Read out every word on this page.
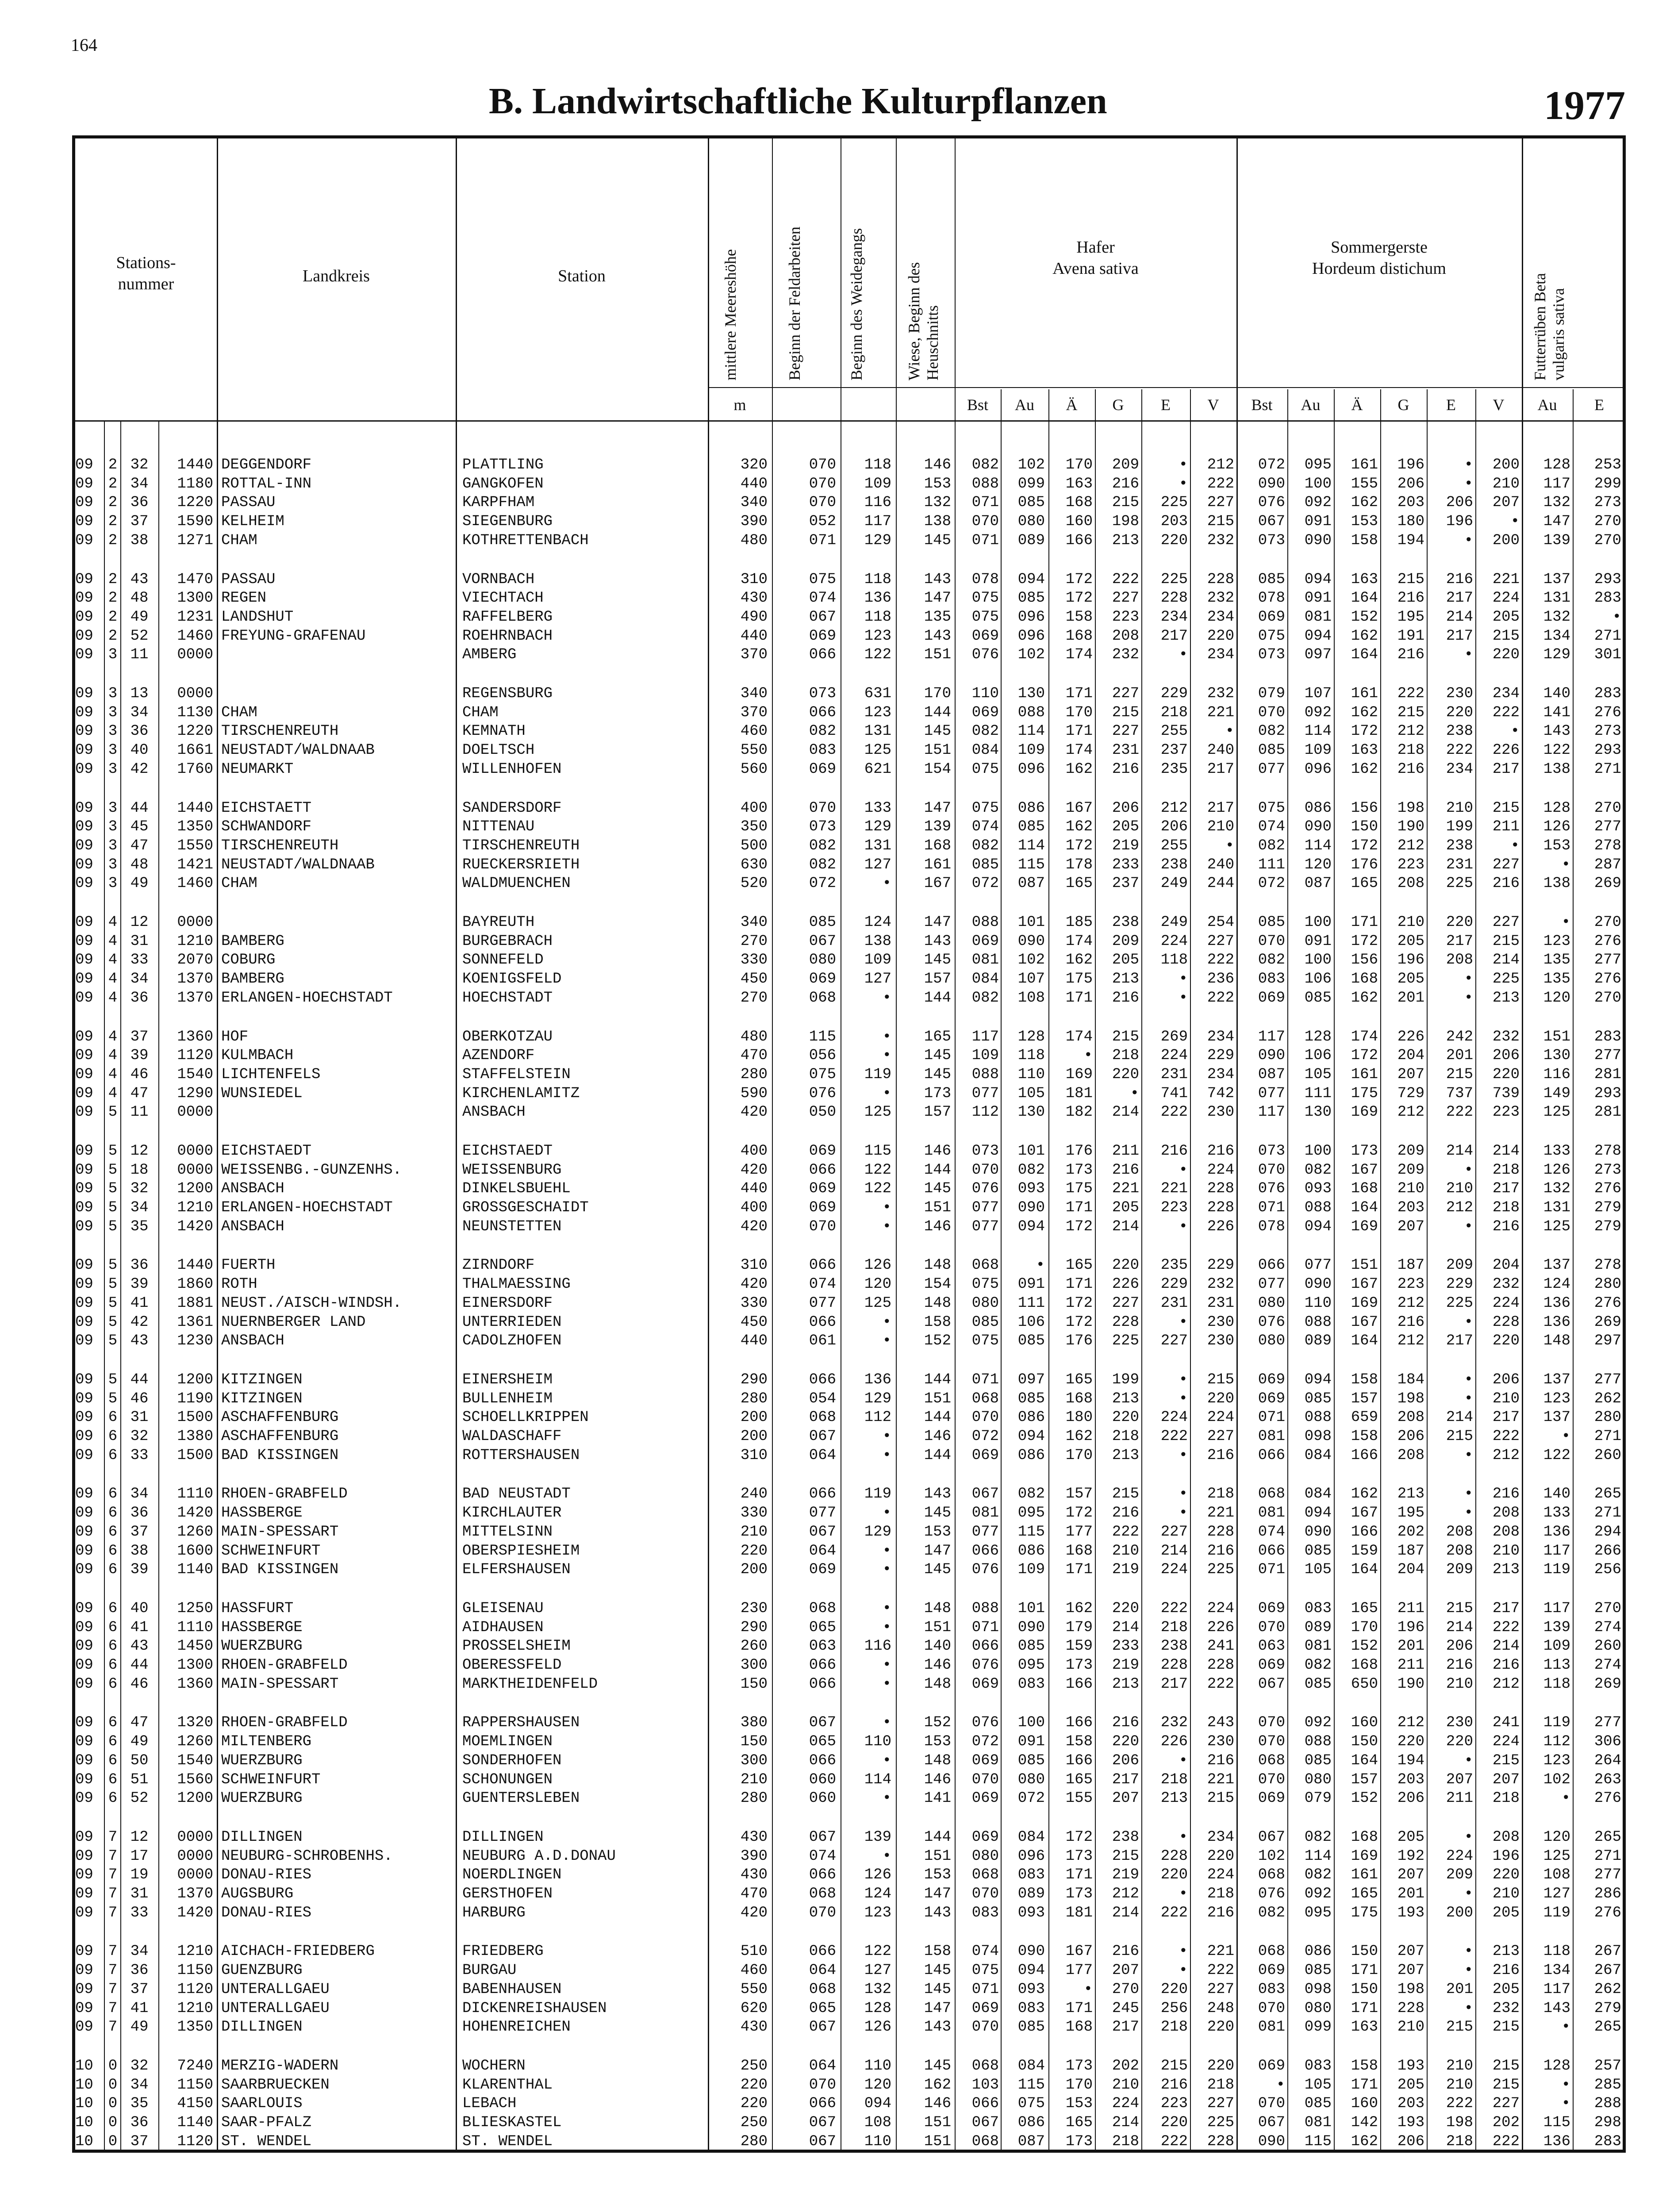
164
B. Landwirtschaftliche Kulturpflanzen	1977
Stations-
nummer	Landkreis	Station	mittlere Meereshöhe
m
Beginn der Feldarbeiten	Beginn des Weidegangs	Wiese, Beginn des Heuschnitts
Hafer
Avena sativa
Sommergerste
Hordeum distichum
Futterrüben Beta vulgaris sativa
Bst	Au	Ä	G	E	V	Bst	Au	Ä	G	E	V	Au	E
09 2 32	1440 DEGGENDORF	PLATTLING	320	070	118	146	082	102	170	209	•	212	072	095	161	196	•	200	128	253
09 2 34	1180 ROTTAL-INN	GANGKOFEN	440	070	109	153	088	099	163	216	•	222	090	100	155	206	•	210	117	299
09 2 36	1220 PASSAU	KARPFHAM	340	070	116	132	071	085	168	215	225	227	076	092	162	203	206	207	132	273
09 2 37	1590 KELHEIM	SIEGENBURG	390	052	117	138	070	080	160	198	203	215	067	091	153	180	196	•	147	270
09 2 38	1271 CHAM	KOTHRETTENBACH	480	071	129	145	071	089	166	213	220	232	073	090	158	194	•	200	139	270
09 2 43	1470 PASSAU	VORNBACH	310	075	118	143	078	094	172	222	225	228	085	094	163	215	216	221	137	293
09 2 48	1300 REGEN	VIECHTACH	430	074	136	147	075	085	172	227	228	232	078	091	164	216	217	224	131	283
09 2 49	1231 LANDSHUT	RAFFELBERG	490	067	118	135	075	096	158	223	234	234	069	081	152	195	214	205	132	•
09 2 52	1460 FREYUNG-GRAFENAU	ROEHRNBACH	440	069	123	143	069	096	168	208	217	220	075	094	162	191	217	215	134	271
09 3 11	0000	AMBERG	370	066	122	151	076	102	174	232	•	234	073	097	164	216	•	220	129	301
09 3 13	0000	REGENSBURG	340	073	631	170	110	130	171	227	229	232	079	107	161	222	230	234	140	283
09 3 34	1130 CHAM	CHAM	370	066	123	144	069	088	170	215	218	221	070	092	162	215	220	222	141	276
09 3 36	1220 TIRSCHENREUTH	KEMNATH	460	082	131	145	082	114	171	227	255	•	082	114	172	212	238	•	143	273
09 3 40	1661 NEUSTADT/WALDNAAB	DOELTSCH	550	083	125	151	084	109	174	231	237	240	085	109	163	218	222	226	122	293
09 3 42	1760 NEUMARKT	WILLENHOFEN	560	069	621	154	075	096	162	216	235	217	077	096	162	216	234	217	138	271
09 3 44	1440 EICHSTAETT	SANDERSDORF	400	070	133	147	075	086	167	206	212	217	075	086	156	198	210	215	128	270
09 3 45	1350 SCHWANDORF	NITTENAU	350	073	129	139	074	085	162	205	206	210	074	090	150	190	199	211	126	277
09 3 47	1550 TIRSCHENREUTH	TIRSCHENREUTH	500	082	131	168	082	114	172	219	255	•	082	114	172	212	238	•	153	278
09 3 48	1421 NEUSTADT/WALDNAAB	RUECKERSRIETH	630	082	127	161	085	115	178	233	238	240	111	120	176	223	231	227	•	287
09 3 49	1460 CHAM	WALDMUENCHEN	520	072	•	167	072	087	165	237	249	244	072	087	165	208	225	216	138	269
09 4 12	0000	BAYREUTH	340	085	124	147	088	101	185	238	249	254	085	100	171	210	220	227	•	270
09 4 31	1210 BAMBERG	BURGEBRACH	270	067	138	143	069	090	174	209	224	227	070	091	172	205	217	215	123	276
09 4 33	2070 COBURG	SONNEFELD	330	080	109	145	081	102	162	205	118	222	082	100	156	196	208	214	135	277
09 4 34	1370 BAMBERG	KOENIGSFELD	450	069	127	157	084	107	175	213	•	236	083	106	168	205	•	225	135	276
09 4 36	1370 ERLANGEN-HOECHSTADT	HOECHSTADT	270	068	•	144	082	108	171	216	•	222	069	085	162	201	•	213	120	270
09 4 37	1360 HOF	OBERKOTZAU	480	115	•	165	117	128	174	215	269	234	117	128	174	226	242	232	151	283
09 4 39	1120 KULMBACH	AZENDORF	470	056	•	145	109	118	•	218	224	229	090	106	172	204	201	206	130	277
09 4 46	1540 LICHTENFELS	STAFFELSTEIN	280	075	119	145	088	110	169	220	231	234	087	105	161	207	215	220	116	281
09 4 47	1290 WUNSIEDEL	KIRCHENLAMITZ	590	076	•	173	077	105	181	•	741	742	077	111	175	729	737	739	149	293
09 5 11	0000	ANSBACH	420	050	125	157	112	130	182	214	222	230	117	130	169	212	222	223	125	281
09 5 12	0000 EICHSTAEDT	EICHSTAEDT	400	069	115	146	073	101	176	211	216	216	073	100	173	209	214	214	133	278
09 5 18	0000 WEISSENBG.-GUNZENHS.	WEISSENBURG	420	066	122	144	070	082	173	216	•	224	070	082	167	209	•	218	126	273
09 5 32	1200 ANSBACH	DINKELSBUEHL	440	069	122	145	076	093	175	221	221	228	076	093	168	210	210	217	132	276
09 5 34	1210 ERLANGEN-HOECHSTADT	GROSSGESCHAIDT	400	069	•	151	077	090	171	205	223	228	071	088	164	203	212	218	131	279
09 5 35	1420 ANSBACH	NEUNSTETTEN	420	070	•	146	077	094	172	214	•	226	078	094	169	207	•	216	125	279
09 5 36	1440 FUERTH	ZIRNDORF	310	066	126	148	068	•	165	220	235	229	066	077	151	187	209	204	137	278
09 5 39	1860 ROTH	THALMAESSING	420	074	120	154	075	091	171	226	229	232	077	090	167	223	229	232	124	280
09 5 41	1881 NEUST./AISCH-WINDSH.	EINERSDORF	330	077	125	148	080	111	172	227	231	231	080	110	169	212	225	224	136	276
09 5 42	1361 NUERNBERGER LAND	UNTERRIEDEN	450	066	•	158	085	106	172	228	•	230	076	088	167	216	•	228	136	269
09 5 43	1230 ANSBACH	CADOLZHOFEN	440	061	•	152	075	085	176	225	227	230	080	089	164	212	217	220	148	297
09 5 44	1200 KITZINGEN	EINERSHEIM	290	066	136	144	071	097	165	199	•	215	069	094	158	184	•	206	137	277
09 5 46	1190 KITZINGEN	BULLENHEIM	280	054	129	151	068	085	168	213	•	220	069	085	157	198	•	210	123	262
09 6 31	1500 ASCHAFFENBURG	SCHOELLKRIPPEN	200	068	112	144	070	086	180	220	224	224	071	088	659	208	214	217	137	280
09 6 32	1380 ASCHAFFENBURG	WALDASCHAFF	200	067	•	146	072	094	162	218	222	227	081	098	158	206	215	222	•	271
09 6 33	1500 BAD KISSINGEN	ROTTERSHAUSEN	310	064	•	144	069	086	170	213	•	216	066	084	166	208	•	212	122	260
09 6 34	1110 RHOEN-GRABFELD	BAD NEUSTADT	240	066	119	143	067	082	157	215	•	218	068	084	162	213	•	216	140	265
09 6 36	1420 HASSBERGE	KIRCHLAUTER	330	077	•	145	081	095	172	216	•	221	081	094	167	195	•	208	133	271
09 6 37	1260 MAIN-SPESSART	MITTELSINN	210	067	129	153	077	115	177	222	227	228	074	090	166	202	208	208	136	294
09 6 38	1600 SCHWEINFURT	OBERSPIESHEIM	220	064	•	147	066	086	168	210	214	216	066	085	159	187	208	210	117	266
09 6 39	1140 BAD KISSINGEN	ELFERSHAUSEN	200	069	•	145	076	109	171	219	224	225	071	105	164	204	209	213	119	256
09 6 40	1250 HASSFURT	GLEISENAU	230	068	•	148	088	101	162	220	222	224	069	083	165	211	215	217	117	270
09 6 41	1110 HASSBERGE	AIDHAUSEN	290	065	•	151	071	090	179	214	218	226	070	089	170	196	214	222	139	274
09 6 43	1450 WUERZBURG	PROSSELSHEIM	260	063	116	140	066	085	159	233	238	241	063	081	152	201	206	214	109	260
09 6 44	1300 RHOEN-GRABFELD	OBERESSFELD	300	066	•	146	076	095	173	219	228	228	069	082	168	211	216	216	113	274
09 6 46	1360 MAIN-SPESSART	MARKTHEIDENFELD	150	066	•	148	069	083	166	213	217	222	067	085	650	190	210	212	118	269
09 6 47	1320 RHOEN-GRABFELD	RAPPERSHAUSEN	380	067	•	152	076	100	166	216	232	243	070	092	160	212	230	241	119	277
09 6 49	1260 MILTENBERG	MOEMLINGEN	150	065	110	153	072	091	158	220	226	230	070	088	150	220	220	224	112	306
09 6 50	1540 WUERZBURG	SONDERHOFEN	300	066	•	148	069	085	166	206	•	216	068	085	164	194	•	215	123	264
09 6 51	1560 SCHWEINFURT	SCHONUNGEN	210	060	114	146	070	080	165	217	218	221	070	080	157	203	207	207	102	263
09 6 52	1200 WUERZBURG	GUENTERSLEBEN	280	060	•	141	069	072	155	207	213	215	069	079	152	206	211	218	•	276
09 7 12	0000 DILLINGEN	DILLINGEN	430	067	139	144	069	084	172	238	•	234	067	082	168	205	•	208	120	265
09 7 17	0000 NEUBURG-SCHROBENHS.	NEUBURG A.D.DONAU	390	074	•	151	080	096	173	215	228	220	102	114	169	192	224	196	125	271
09 7 19	0000 DONAU-RIES	NOERDLINGEN	430	066	126	153	068	083	171	219	220	224	068	082	161	207	209	220	108	277
09 7 31	1370 AUGSBURG	GERSTHOFEN	470	068	124	147	070	089	173	212	•	218	076	092	165	201	•	210	127	286
09 7 33	1420 DONAU-RIES	HARBURG	420	070	123	143	083	093	181	214	222	216	082	095	175	193	200	205	119	276
09 7 34	1210 AICHACH-FRIEDBERG	FRIEDBERG	510	066	122	158	074	090	167	216	•	221	068	086	150	207	•	213	118	267
09 7 36	1150 GUENZBURG	BURGAU	460	064	127	145	075	094	177	207	•	222	069	085	171	207	•	216	134	267
09 7 37	1120 UNTERALLGAEU	BABENHAUSEN	550	068	132	145	071	093	•	270	220	227	083	098	150	198	201	205	117	262
09 7 41	1210 UNTERALLGAEU	DICKENREISHAUSEN	620	065	128	147	069	083	171	245	256	248	070	080	171	228	•	232	143	279
09 7 49	1350 DILLINGEN	HOHENREICHEN	430	067	126	143	070	085	168	217	218	220	081	099	163	210	215	215	•	265
10 0 32	7240 MERZIG-WADERN	WOCHERN	250	064	110	145	068	084	173	202	215	220	069	083	158	193	210	215	128	257
10 0 34	1150 SAARBRUECKEN	KLARENTHAL	220	070	120	162	103	115	170	210	216	218	•	105	171	205	210	215	•	285
10 0 35	4150 SAARLOUIS	LEBACH	220	066	094	146	066	075	153	224	223	227	070	085	160	203	222	227	•	288
10 0 36	1140 SAAR-PFALZ	BLIESKASTEL	250	067	108	151	067	086	165	214	220	225	067	081	142	193	198	202	115	298
10 0 37	1120 ST. WENDEL	ST. WENDEL	280	067	110	151	068	087	173	218	222	228	090	115	162	206	218	222	136	283
